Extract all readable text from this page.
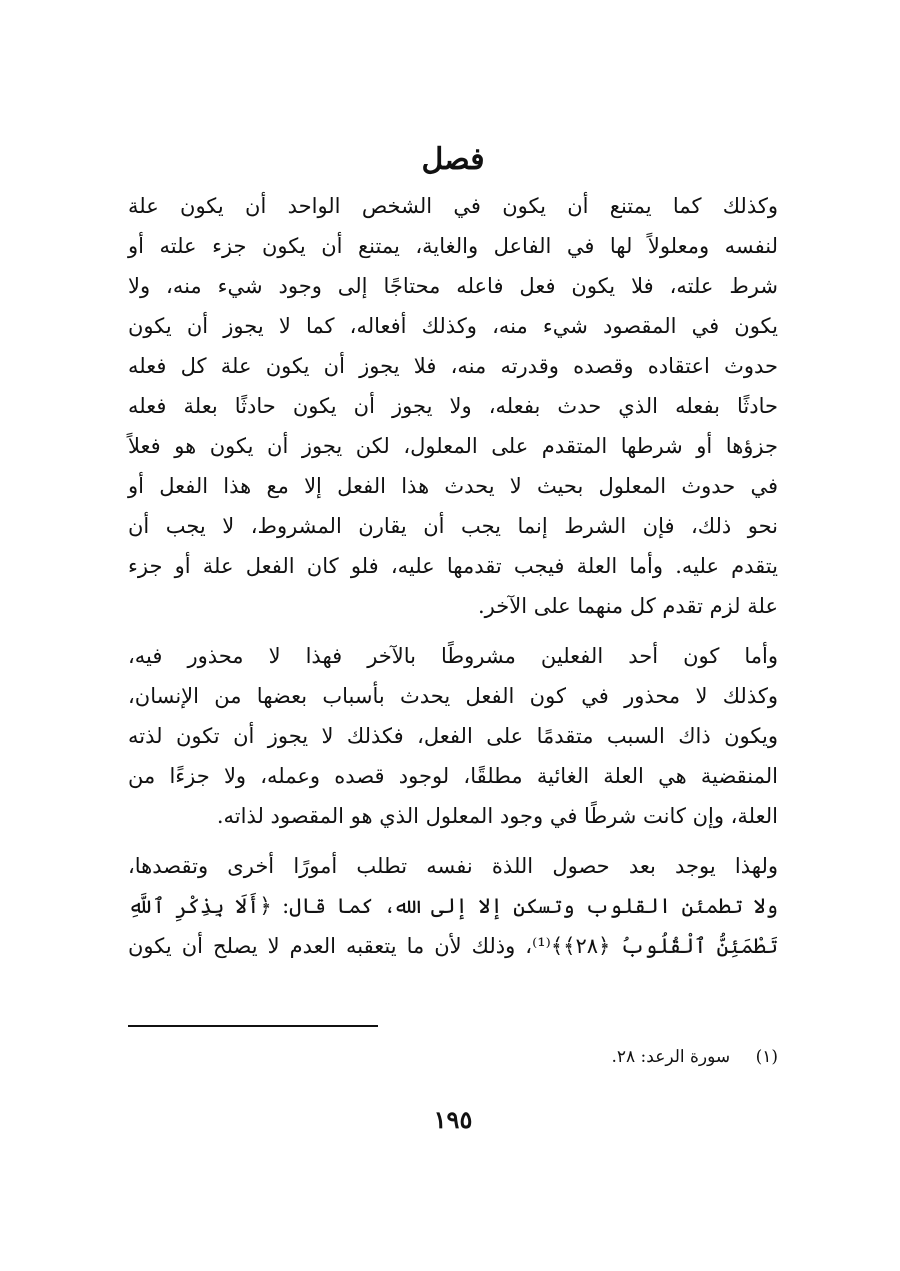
فصل
وكذلك كما يمتنع أن يكون في الشخص الواحد أن يكون علة
لنفسه ومعلولاً لها في الفاعل والغاية، يمتنع أن يكون جزء علته أو
شرط علته، فلا يكون فعل فاعله محتاجًا إلى وجود شيء منه، ولا
يكون في المقصود شيء منه، وكذلك أفعاله، كما لا يجوز أن يكون
حدوث اعتقاده وقصده وقدرته منه، فلا يجوز أن يكون علة كل فعله
حادثًا بفعله الذي حدث بفعله، ولا يجوز أن يكون حادثًا بعلة فعله
جزؤها أو شرطها المتقدم على المعلول، لكن يجوز أن يكون هو فعلاً
في حدوث المعلول بحيث لا يحدث هذا الفعل إلا مع هذا الفعل أو
نحو ذلك، فإن الشرط إنما يجب أن يقارن المشروط، لا يجب أن
يتقدم عليه. وأما العلة فيجب تقدمها عليه، فلو كان الفعل علة أو جزء
علة لزم تقدم كل منهما على الآخر.
وأما كون أحد الفعلين مشروطًا بالآخر فهذا لا محذور فيه،
وكذلك لا محذور في كون الفعل يحدث بأسباب بعضها من الإنسان،
ويكون ذاك السبب متقدمًا على الفعل، فكذلك لا يجوز أن تكون لذته
المنقضية هي العلة الغائية مطلقًا، لوجود قصده وعمله، ولا جزءًا من
العلة، وإن كانت شرطًا في وجود المعلول الذي هو المقصود لذاته.
ولهذا يوجد بعد حصول اللذة نفسه تطلب أمورًا أخرى وتقصدها،
ولا تطمئن القلوب وتسكن إلا إلى الله، كما قال: ﴿أَلَا بِذِكْرِ ٱللَّهِ
تَطْمَئِنُّ ٱلْقُلُوبُ ﴿٢٨﴾﴾⁽¹⁾، وذلك لأن ما يتعقبه العدم لا يصلح أن يكون
(١) سورة الرعد: ٢٨.
١٩٥
